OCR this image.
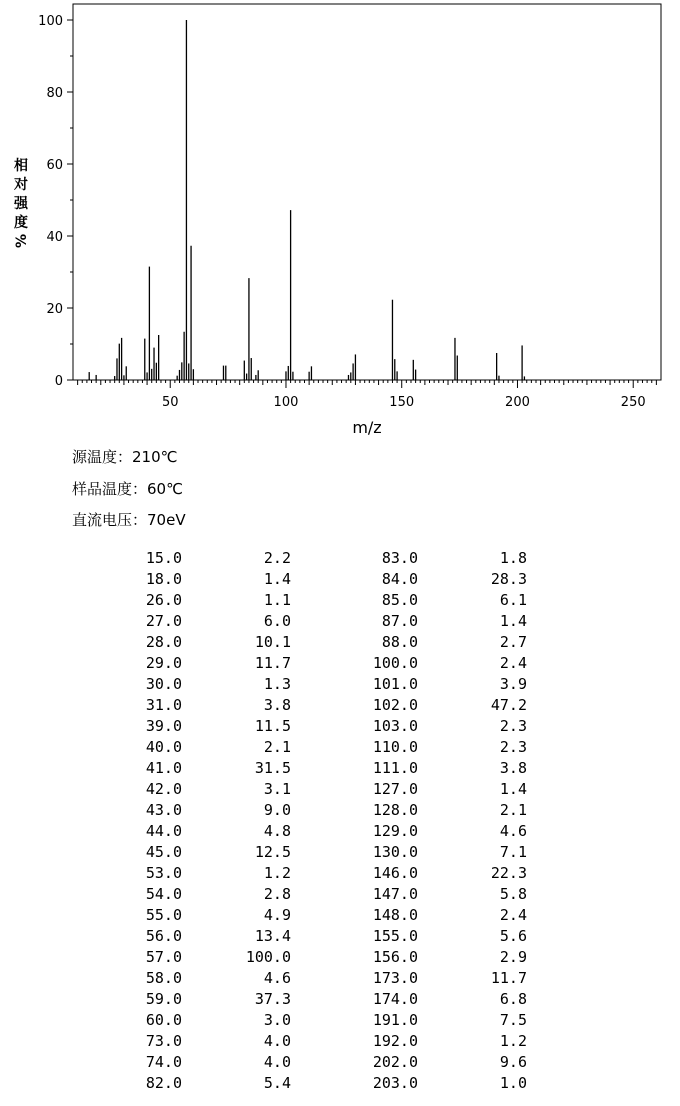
0
20
40
60
80
100
50	100	150	200	250
m/z
相
对
强
度
%
源温度：210℃
样品温度：60℃
直流电压：70eV
15.0	2.2	83.0	1.8
18.0	1.4	84.0	28.3
26.0	1.1	85.0	6.1
27.0	6.0	87.0	1.4
28.0	10.1	88.0	2.7
29.0	11.7	100.0	2.4
30.0	1.3	101.0	3.9
31.0	3.8	102.0	47.2
39.0	11.5	103.0	2.3
40.0	2.1	110.0	2.3
41.0	31.5	111.0	3.8
42.0	3.1	127.0	1.4
43.0	9.0	128.0	2.1
44.0	4.8	129.0	4.6
45.0	12.5	130.0	7.1
53.0	1.2	146.0	22.3
54.0	2.8	147.0	5.8
55.0	4.9	148.0	2.4
56.0	13.4	155.0	5.6
57.0	100.0	156.0	2.9
58.0	4.6	173.0	11.7
59.0	37.3	174.0	6.8
60.0	3.0	191.0	7.5
73.0	4.0	192.0	1.2
74.0	4.0	202.0	9.6
82.0	5.4	203.0	1.0
